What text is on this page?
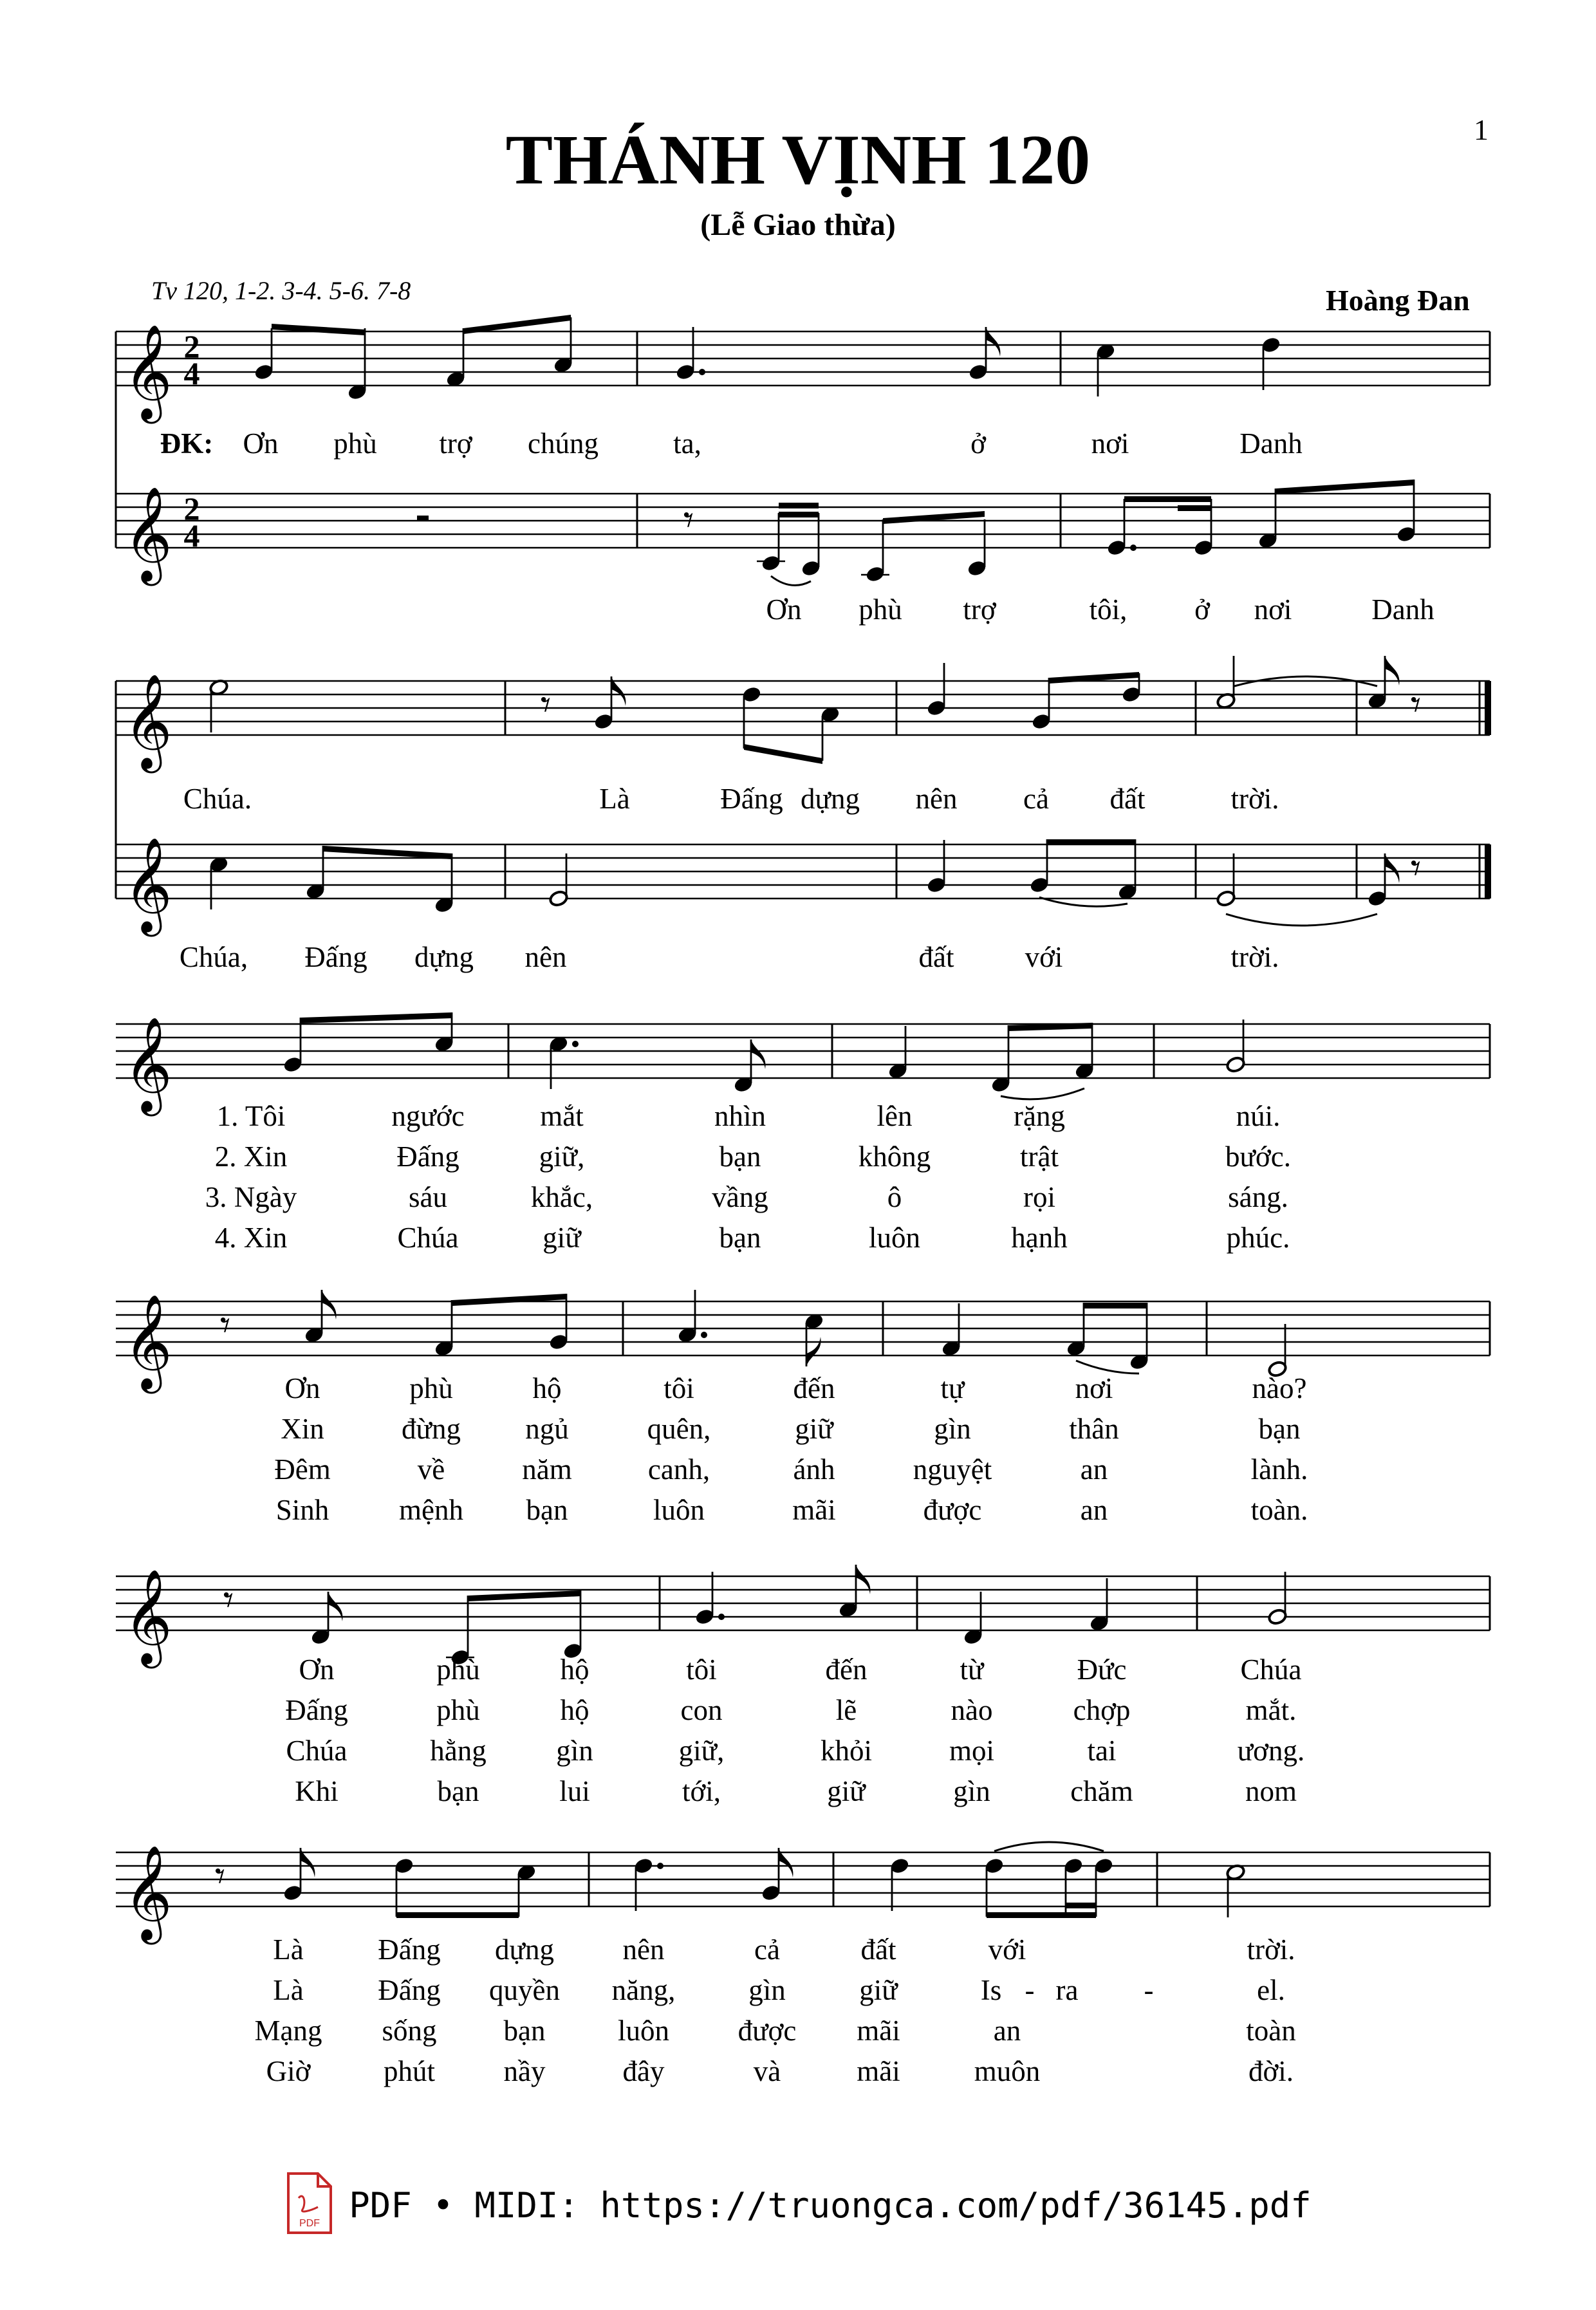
THÁNH VỊNH 120
(Lễ Giao thừa)
1
Tv 120, 1-2. 3-4. 5-6. 7-8	Hoàng Đan
𝄞
𝄞
2
4
2
4	𝄾
𝄞
𝄞
𝄾	𝄾
𝄾
𝄞
𝄞 𝄾
𝄞 𝄾
𝄞 𝄾
ĐK: Ơn phù trợ chúng	ta,	ở	nơi	Danh
Chúa.	Là	Đấng dựng nên cả đất	trời.
Ơn phù trợ	tôi, ở nơi	Danh
Chúa, Đấng dựng nên	đất với	trời.
1. Tôi	ngước	mắt	nhìn	lên	rặng	núi.
2. Xin	Đấng	giữ,	bạn	không	trật	bước.
3. Ngày	sáu	khắc,	vầng	ô	rọi	sáng.
4. Xin	Chúa	giữ	bạn	luôn	hạnh	phúc.
Ơn	phù	hộ	tôi	đến	tự	nơi	nào?
Xin	đừng ngủ	quên,	giữ	gìn	thân	bạn
Đêm	về	năm	canh,	ánh	nguyệt	an	lành.
Sinh mệnh bạn	luôn	mãi	được	an	toàn.
Ơn	phù	hộ	tôi	đến	từ	Đức	Chúa
Đấng	phù	hộ	con	lẽ	nào	chợp	mắt.
Chúa	hằng gìn	giữ,	khỏi	mọi	tai	ương.
Khi	bạn	lui	tới,	giữ	gìn	chăm	nom
Là	Đấng dựng nên	cả	đất	với	trời.
Là	Đấng quyền năng,	gìn	giữ	Is - ra -	el.
Mạng sống bạn	luôn được mãi	an	toàn
Giờ	phút nầy	đây	và	mãi	muôn	đời.
PDF PDF • MIDI: https://truongca.com/pdf/36145.pdf
